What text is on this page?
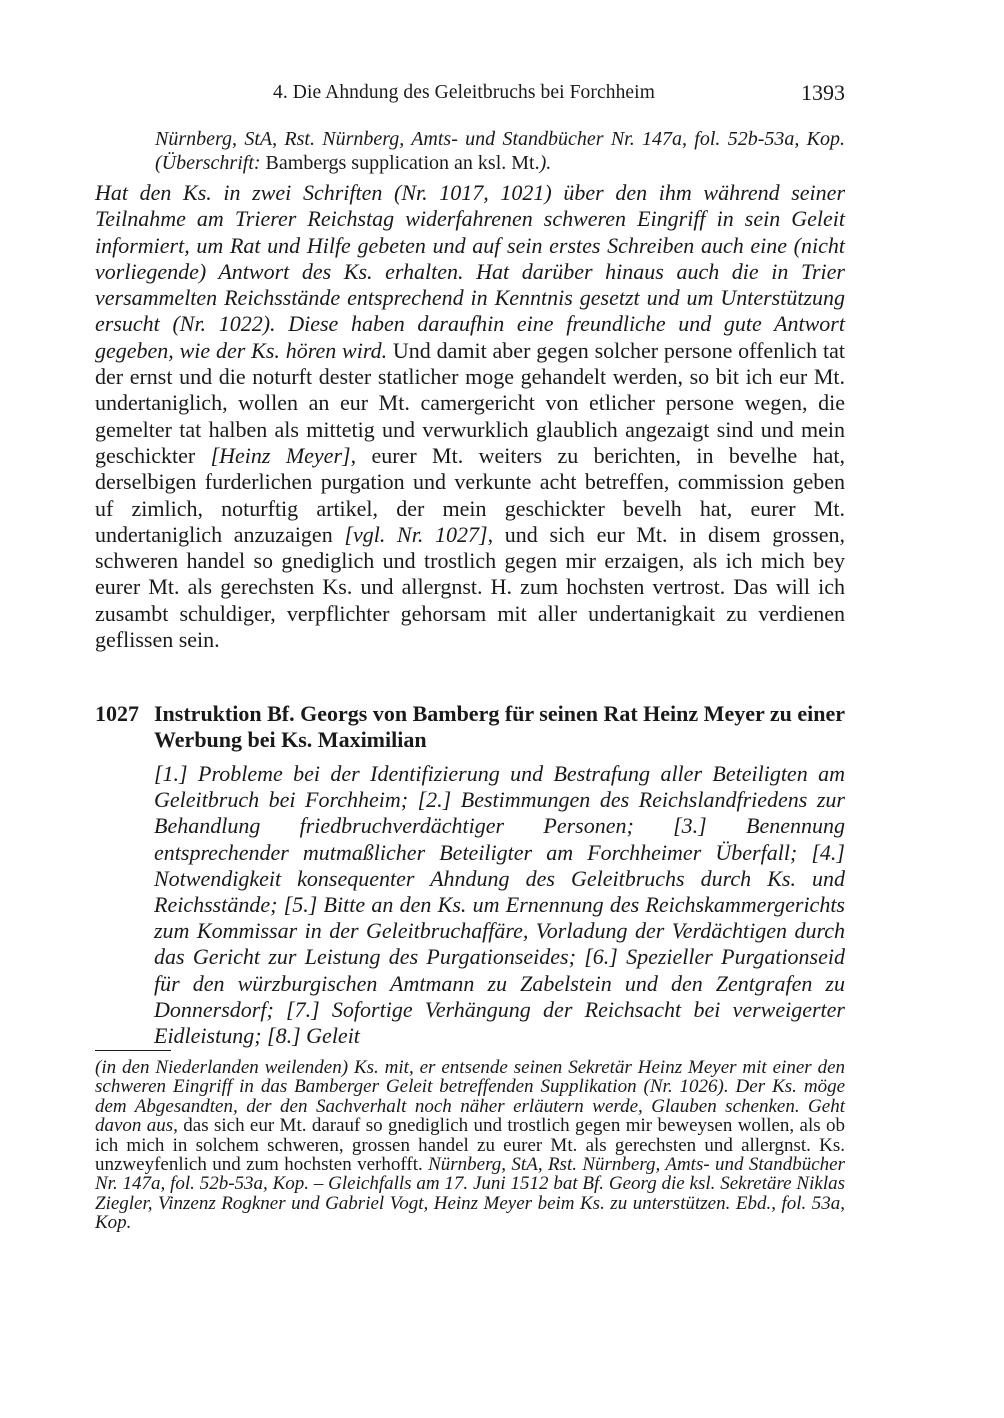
4. Die Ahndung des Geleitbruchs bei Forchheim	1393
Nürnberg, StA, Rst. Nürnberg, Amts- und Standbücher Nr. 147a, fol. 52b-53a, Kop. (Überschrift: Bambergs supplication an ksl. Mt.).
Hat den Ks. in zwei Schriften (Nr. 1017, 1021) über den ihm während seiner Teilnahme am Trierer Reichstag widerfahrenen schweren Eingriff in sein Geleit informiert, um Rat und Hilfe gebeten und auf sein erstes Schreiben auch eine (nicht vorliegende) Antwort des Ks. erhalten. Hat darüber hinaus auch die in Trier versammelten Reichsstände entsprechend in Kenntnis gesetzt und um Unterstützung ersucht (Nr. 1022). Diese haben daraufhin eine freundliche und gute Antwort gegeben, wie der Ks. hören wird. Und damit aber gegen solcher persone offenlich tat der ernst und die noturft dester statlicher moge gehandelt werden, so bit ich eur Mt. undertaniglich, wollen an eur Mt. camergericht von etlicher persone wegen, die gemelter tat halben als mittetig und verwurklich glaublich angezaigt sind und mein geschickter [Heinz Meyer], eurer Mt. weiters zu berichten, in bevelhe hat, derselbigen furderlichen purgation und verkunte acht betreffen, commission geben uf zimlich, noturftig artikel, der mein geschickter bevelh hat, eurer Mt. undertaniglich anzuzaigen [vgl. Nr. 1027], und sich eur Mt. in disem grossen, schweren handel so gnediglich und trostlich gegen mir erzaigen, als ich mich bey eurer Mt. als gerechsten Ks. und allergnst. H. zum hochsten vertrost. Das will ich zusambt schuldiger, verpflichter gehorsam mit aller undertanigkait zu verdienen geflissen sein.
1027 Instruktion Bf. Georgs von Bamberg für seinen Rat Heinz Meyer zu einer Werbung bei Ks. Maximilian
[1.] Probleme bei der Identifizierung und Bestrafung aller Beteiligten am Geleitbruch bei Forchheim; [2.] Bestimmungen des Reichslandfriedens zur Behandlung friedbruchverdächtiger Personen; [3.] Benennung entsprechender mutmaßlicher Beteiligter am Forchheimer Überfall; [4.] Notwendigkeit konsequenter Ahndung des Geleitbruchs durch Ks. und Reichsstände; [5.] Bitte an den Ks. um Ernennung des Reichskammergerichts zum Kommissar in der Geleitbruchaffäre, Vorladung der Verdächtigen durch das Gericht zur Leistung des Purgationseides; [6.] Spezieller Purgationseid für den würzburgischen Amtmann zu Zabelstein und den Zentgrafen zu Donnersdorf; [7.] Sofortige Verhängung der Reichsacht bei verweigerter Eidleistung; [8.] Geleit
(in den Niederlanden weilenden) Ks. mit, er entsende seinen Sekretär Heinz Meyer mit einer den schweren Eingriff in das Bamberger Geleit betreffenden Supplikation (Nr. 1026). Der Ks. möge dem Abgesandten, der den Sachverhalt noch näher erläutern werde, Glauben schenken. Geht davon aus, das sich eur Mt. darauf so gnediglich und trostlich gegen mir beweysen wollen, als ob ich mich in solchem schweren, grossen handel zu eurer Mt. als gerechsten und allergnst. Ks. unzweyfenlich und zum hochsten verhofft. Nürnberg, StA, Rst. Nürnberg, Amts- und Standbücher Nr. 147a, fol. 52b-53a, Kop. – Gleichfalls am 17. Juni 1512 bat Bf. Georg die ksl. Sekretäre Niklas Ziegler, Vinzenz Rogkner und Gabriel Vogt, Heinz Meyer beim Ks. zu unterstützen. Ebd., fol. 53a, Kop.
